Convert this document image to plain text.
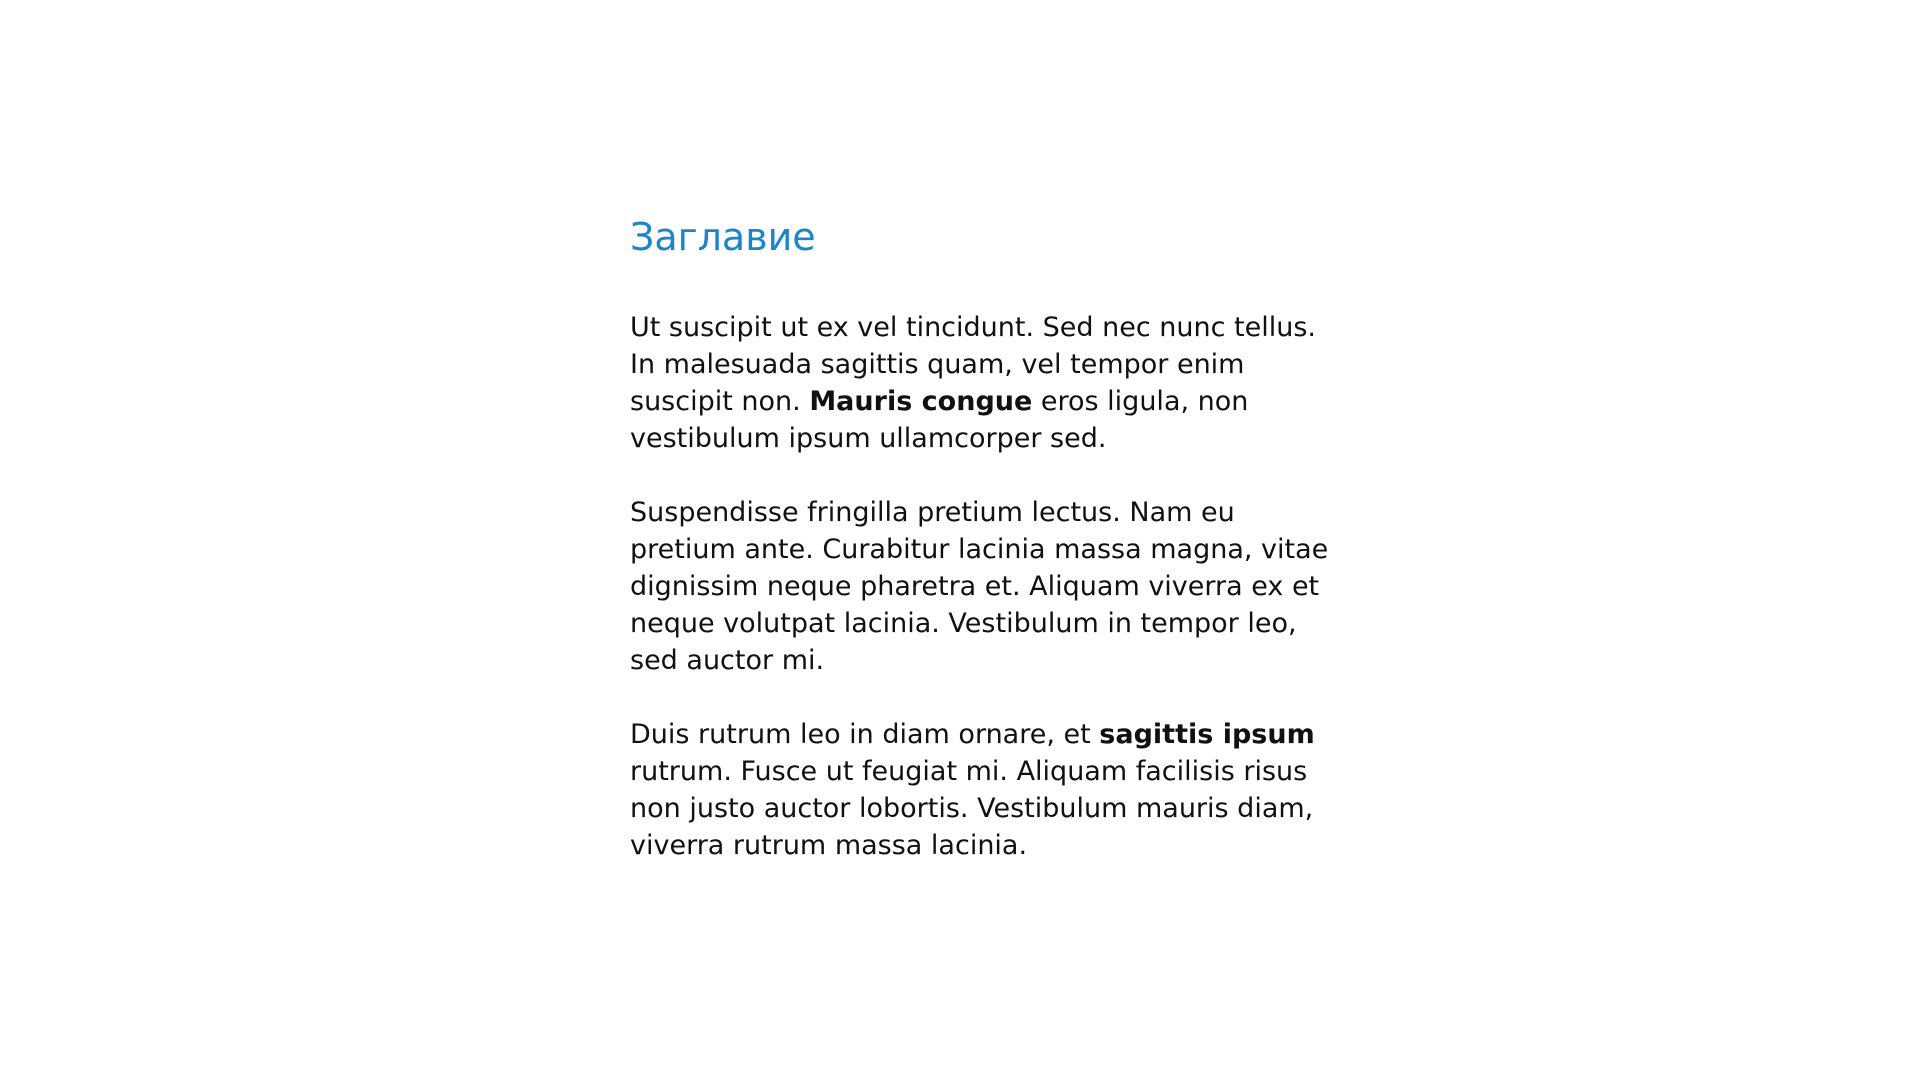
Заглавие

Ut suscipit ut ex vel tincidunt. Sed nec nunc tellus. In malesuada sagittis quam, vel tempor enim suscipit non. Mauris congue eros ligula, non vestibulum ipsum ullamcorper sed.

Suspendisse fringilla pretium lectus. Nam eu pretium ante. Curabitur lacinia massa magna, vitae dignissim neque pharetra et. Aliquam viverra ex et neque volutpat lacinia. Vestibulum in tempor leo, sed auctor mi.

Duis rutrum leo in diam ornare, et sagittis ipsum rutrum. Fusce ut feugiat mi. Aliquam facilisis risus non justo auctor lobortis. Vestibulum mauris diam, viverra rutrum massa lacinia.
